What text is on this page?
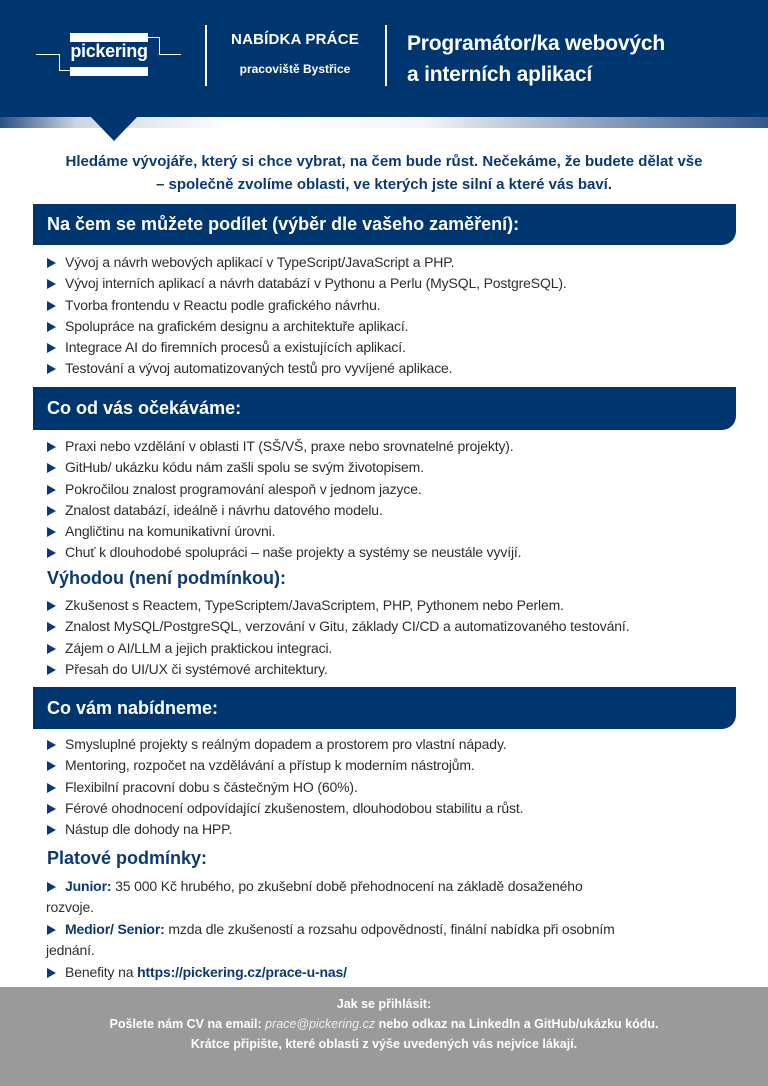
pickering
NABÍDKA PRÁCE
pracoviště Bystřice
Programátor/ka webových
a interních aplikací
Hledáme vývojáře, který si chce vybrat, na čem bude růst. Nečekáme, že budete dělat vše
– společně zvolíme oblasti, ve kterých jste silní a které vás baví.
Na čem se můžete podílet (výběr dle vašeho zaměření):
Vývoj a návrh webových aplikací v TypeScript/JavaScript a PHP.
Vývoj interních aplikací a návrh databází v Pythonu a Perlu (MySQL, PostgreSQL).
Tvorba frontendu v Reactu podle grafického návrhu.
Spolupráce na grafickém designu a architektuře aplikací.
Integrace AI do firemních procesů a existujících aplikací.
Testování a vývoj automatizovaných testů pro vyvíjené aplikace.
Co od vás očekáváme:
Praxi nebo vzdělání v oblasti IT (SŠ/VŠ, praxe nebo srovnatelné projekty).
GitHub/ ukázku kódu nám zašli spolu se svým životopisem.
Pokročilou znalost programování alespoň v jednom jazyce.
Znalost databází, ideálně i návrhu datového modelu.
Angličtinu na komunikativní úrovni.
Chuť k dlouhodobé spolupráci – naše projekty a systémy se neustále vyvíjí.
Výhodou (není podmínkou):
Zkušenost s Reactem, TypeScriptem/JavaScriptem, PHP, Pythonem nebo Perlem.
Znalost MySQL/PostgreSQL, verzování v Gitu, základy CI/CD a automatizovaného testování.
Zájem o AI/LLM a jejich praktickou integraci.
Přesah do UI/UX či systémové architektury.
Co vám nabídneme:
Smysluplné projekty s reálným dopadem a prostorem pro vlastní nápady.
Mentoring, rozpočet na vzdělávání a přístup k moderním nástrojům.
Flexibilní pracovní dobu s částečným HO (60%).
Férové ohodnocení odpovídající zkušenostem, dlouhodobou stabilitu a růst.
Nástup dle dohody na HPP.
Platové podmínky:
Junior: 35 000 Kč hrubého, po zkušební době přehodnocení na základě dosaženého
rozvoje.
Medior/ Senior: mzda dle zkušeností a rozsahu odpovědností, finální nabídka při osobním
jednání.
Benefity na https://pickering.cz/prace-u-nas/
Jak se přihlásit:
Pošlete nám CV na email: prace@pickering.cz nebo odkaz na LinkedIn a GitHub/ukázku kódu.
Krátce připište, které oblasti z výše uvedených vás nejvíce lákají.
